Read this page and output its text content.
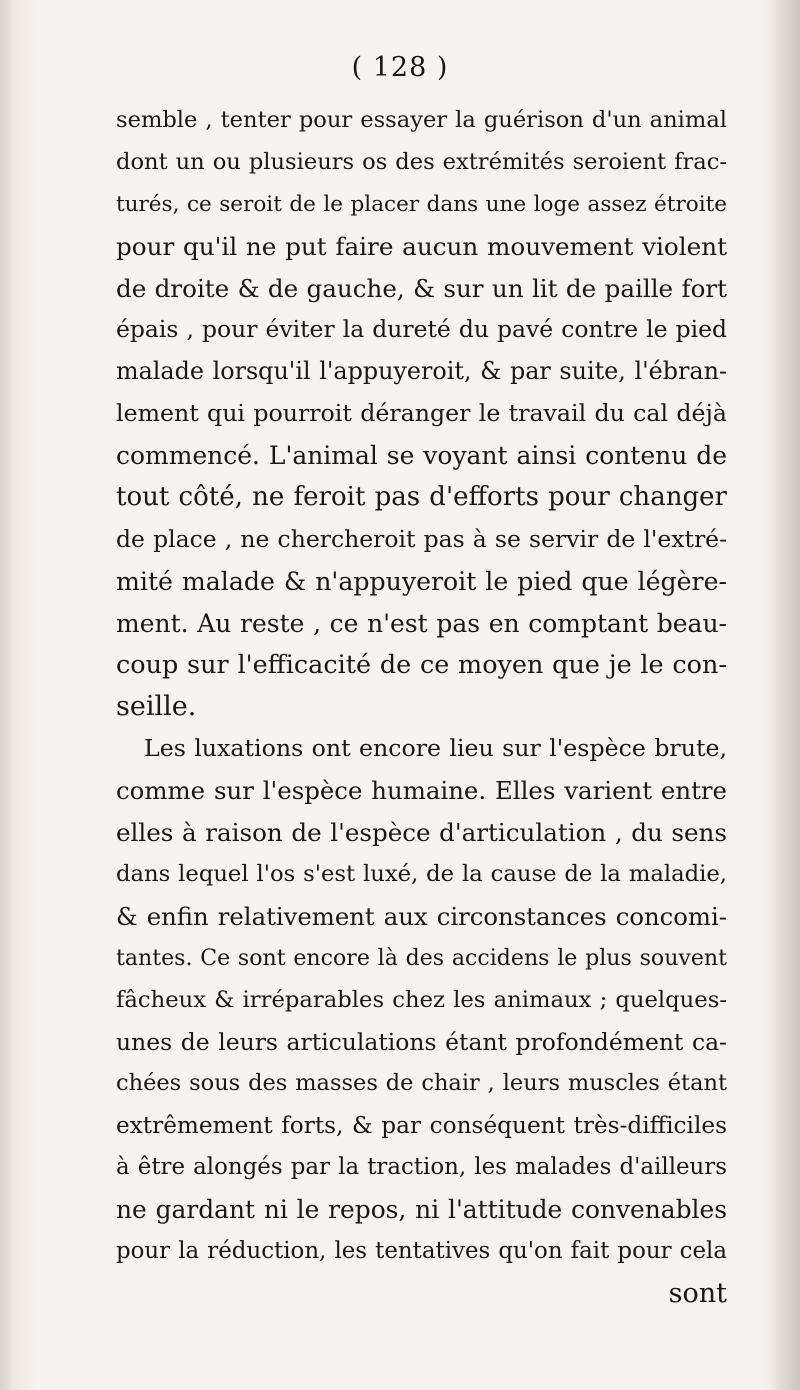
( 128 )
semble , tenter pour essayer la guérison d'un animal
dont un ou plusieurs os des extrémités seroient frac-
turés, ce seroit de le placer dans une loge assez étroite
pour qu'il ne put faire aucun mouvement violent
de droite & de gauche, & sur un lit de paille fort
épais , pour éviter la dureté du pavé contre le pied
malade lorsqu'il l'appuyeroit, & par suite, l'ébran-
lement qui pourroit déranger le travail du cal déjà
commencé. L'animal se voyant ainsi contenu de
tout côté, ne feroit pas d'efforts pour changer
de place , ne chercheroit pas à se servir de l'extré-
mité malade & n'appuyeroit le pied que légère-
ment. Au reste , ce n'est pas en comptant beau-
coup sur l'efficacité de ce moyen que je le con-
seille.
Les luxations ont encore lieu sur l'espèce brute,
comme sur l'espèce humaine. Elles varient entre
elles à raison de l'espèce d'articulation , du sens
dans lequel l'os s'est luxé, de la cause de la maladie,
& enfin relativement aux circonstances concomi-
tantes. Ce sont encore là des accidens le plus souvent
fâcheux & irréparables chez les animaux ; quelques-
unes de leurs articulations étant profondément ca-
chées sous des masses de chair , leurs muscles étant
extrêmement forts, & par conséquent très-difficiles
à être alongés par la traction, les malades d'ailleurs
ne gardant ni le repos, ni l'attitude convenables
pour la réduction, les tentatives qu'on fait pour cela
sont
